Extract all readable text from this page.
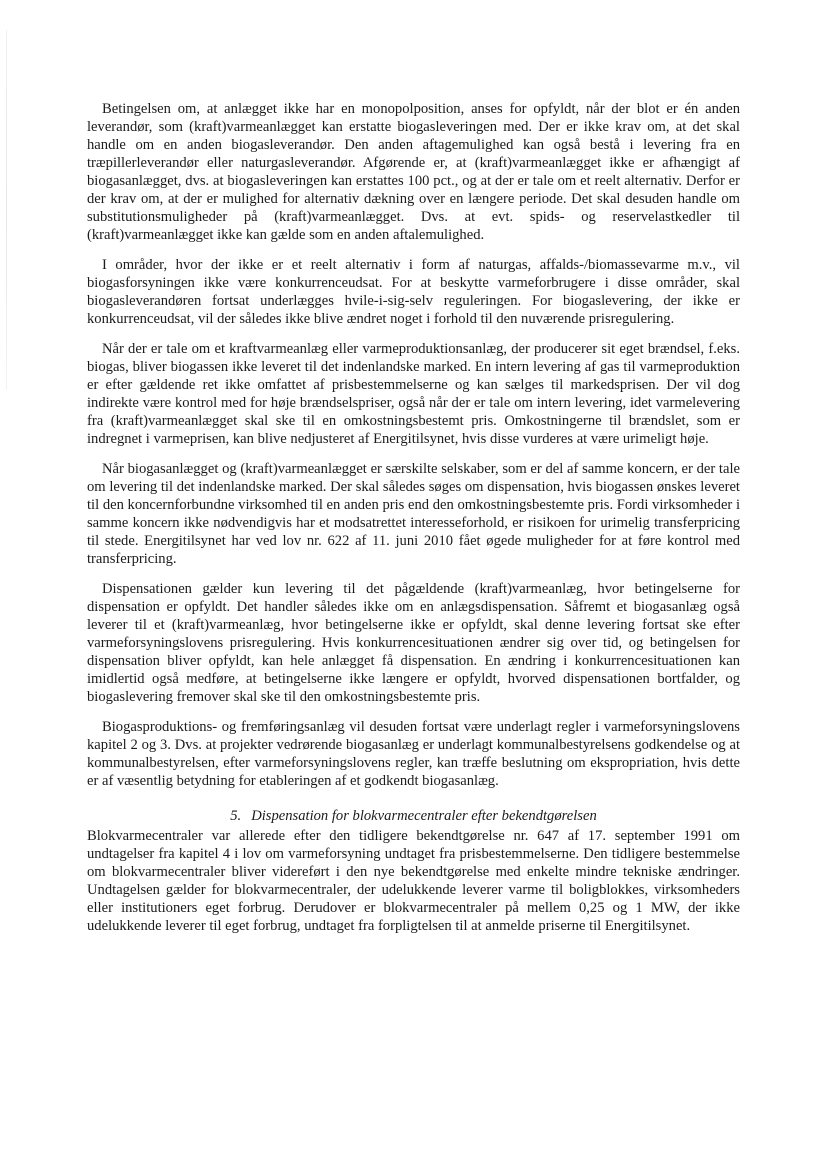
Betingelsen om, at anlægget ikke har en monopolposition, anses for opfyldt, når der blot er én anden leverandør, som (kraft)varmeanlægget kan erstatte biogasleveringen med. Der er ikke krav om, at det skal handle om en anden biogasleverandør. Den anden aftagemulighed kan også bestå i levering fra en træpillerleverandør eller naturgasleverandør. Afgørende er, at (kraft)varmeanlægget ikke er afhængigt af biogasanlægget, dvs. at biogasleveringen kan erstattes 100 pct., og at der er tale om et reelt alternativ. Derfor er der krav om, at der er mulighed for alternativ dækning over en længere periode. Det skal desuden handle om substitutionsmuligheder på (kraft)varmeanlægget. Dvs. at evt. spids- og reservelastkedler til (kraft)varmeanlægget ikke kan gælde som en anden aftalemulighed.

I områder, hvor der ikke er et reelt alternativ i form af naturgas, affalds-/biomassevarme m.v., vil biogasforsyningen ikke være konkurrenceudsat. For at beskytte varmeforbrugere i disse områder, skal biogasleverandøren fortsat underlægges hvile-i-sig-selv reguleringen. For biogaslevering, der ikke er konkurrenceudsat, vil der således ikke blive ændret noget i forhold til den nuværende prisregulering.

Når der er tale om et kraftvarmeanlæg eller varmeproduktionsanlæg, der producerer sit eget brændsel, f.eks. biogas, bliver biogassen ikke leveret til det indenlandske marked. En intern levering af gas til varmeproduktion er efter gældende ret ikke omfattet af prisbestemmelserne og kan sælges til markedsprisen. Der vil dog indirekte være kontrol med for høje brændselspriser, også når der er tale om intern levering, idet varmelevering fra (kraft)varmeanlægget skal ske til en omkostningsbestemt pris. Omkostningerne til brændslet, som er indregnet i varmeprisen, kan blive nedjusteret af Energitilsynet, hvis disse vurderes at være urimeligt høje.

Når biogasanlægget og (kraft)varmeanlægget er særskilte selskaber, som er del af samme koncern, er der tale om levering til det indenlandske marked. Der skal således søges om dispensation, hvis biogassen ønskes leveret til den koncernforbundne virksomhed til en anden pris end den omkostningsbestemte pris. Fordi virksomheder i samme koncern ikke nødvendigvis har et modsatrettet interesseforhold, er risikoen for urimelig transferpricing til stede. Energitilsynet har ved lov nr. 622 af 11. juni 2010 fået øgede muligheder for at føre kontrol med transferpricing.

Dispensationen gælder kun levering til det pågældende (kraft)varmeanlæg, hvor betingelserne for dispensation er opfyldt. Det handler således ikke om en anlægsdispensation. Såfremt et biogasanlæg også leverer til et (kraft)varmeanlæg, hvor betingelserne ikke er opfyldt, skal denne levering fortsat ske efter varmeforsyningslovens prisregulering. Hvis konkurrencesituationen ændrer sig over tid, og betingelsen for dispensation bliver opfyldt, kan hele anlægget få dispensation. En ændring i konkurrencesituationen kan imidlertid også medføre, at betingelserne ikke længere er opfyldt, hvorved dispensationen bortfalder, og biogaslevering fremover skal ske til den omkostningsbestemte pris.

Biogasproduktions- og fremføringsanlæg vil desuden fortsat være underlagt regler i varmeforsyningslovens kapitel 2 og 3. Dvs. at projekter vedrørende biogasanlæg er underlagt kommunalbestyrelsens godkendelse og at kommunalbestyrelsen, efter varmeforsyningslovens regler, kan træffe beslutning om ekspropriation, hvis dette er af væsentlig betydning for etableringen af et godkendt biogasanlæg.

5. Dispensation for blokvarmecentraler efter bekendtgørelsen

Blokvarmecentraler var allerede efter den tidligere bekendtgørelse nr. 647 af 17. september 1991 om undtagelser fra kapitel 4 i lov om varmeforsyning undtaget fra prisbestemmelserne. Den tidligere bestemmelse om blokvarmecentraler bliver videreført i den nye bekendtgørelse med enkelte mindre tekniske ændringer. Undtagelsen gælder for blokvarmecentraler, der udelukkende leverer varme til boligblokkes, virksomheders eller institutioners eget forbrug. Derudover er blokvarmecentraler på mellem 0,25 og 1 MW, der ikke udelukkende leverer til eget forbrug, undtaget fra forpligtelsen til at anmelde priserne til Energitilsynet.
